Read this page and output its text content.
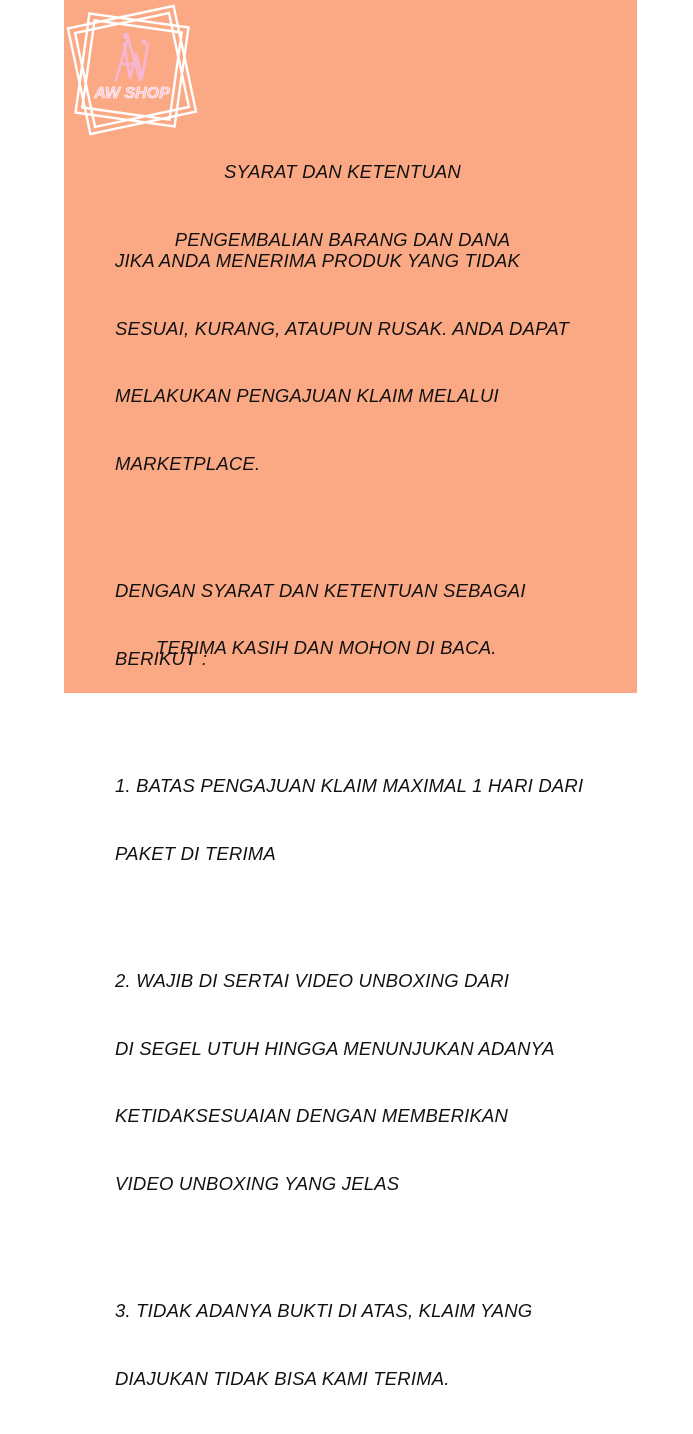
AW SHOP

SYARAT DAN KETENTUAN

PENGEMBALIAN BARANG DAN DANA

JIKA ANDA MENERIMA PRODUK YANG TIDAK

SESUAI, KURANG, ATAUPUN RUSAK. ANDA DAPAT

MELAKUKAN PENGAJUAN KLAIM MELALUI

MARKETPLACE.

DENGAN SYARAT DAN KETENTUAN SEBAGAI

BERIKUT :

1. BATAS PENGAJUAN KLAIM MAXIMAL 1 HARI DARI

PAKET DI TERIMA

2. WAJIB DI SERTAI VIDEO UNBOXING DARI

DI SEGEL UTUH HINGGA MENUNJUKAN ADANYA

KETIDAKSESUAIAN DENGAN MEMBERIKAN

VIDEO UNBOXING YANG JELAS

3. TIDAK ADANYA BUKTI DI ATAS, KLAIM YANG

DIAJUKAN TIDAK BISA KAMI TERIMA.

TERIMA KASIH DAN MOHON DI BACA.
